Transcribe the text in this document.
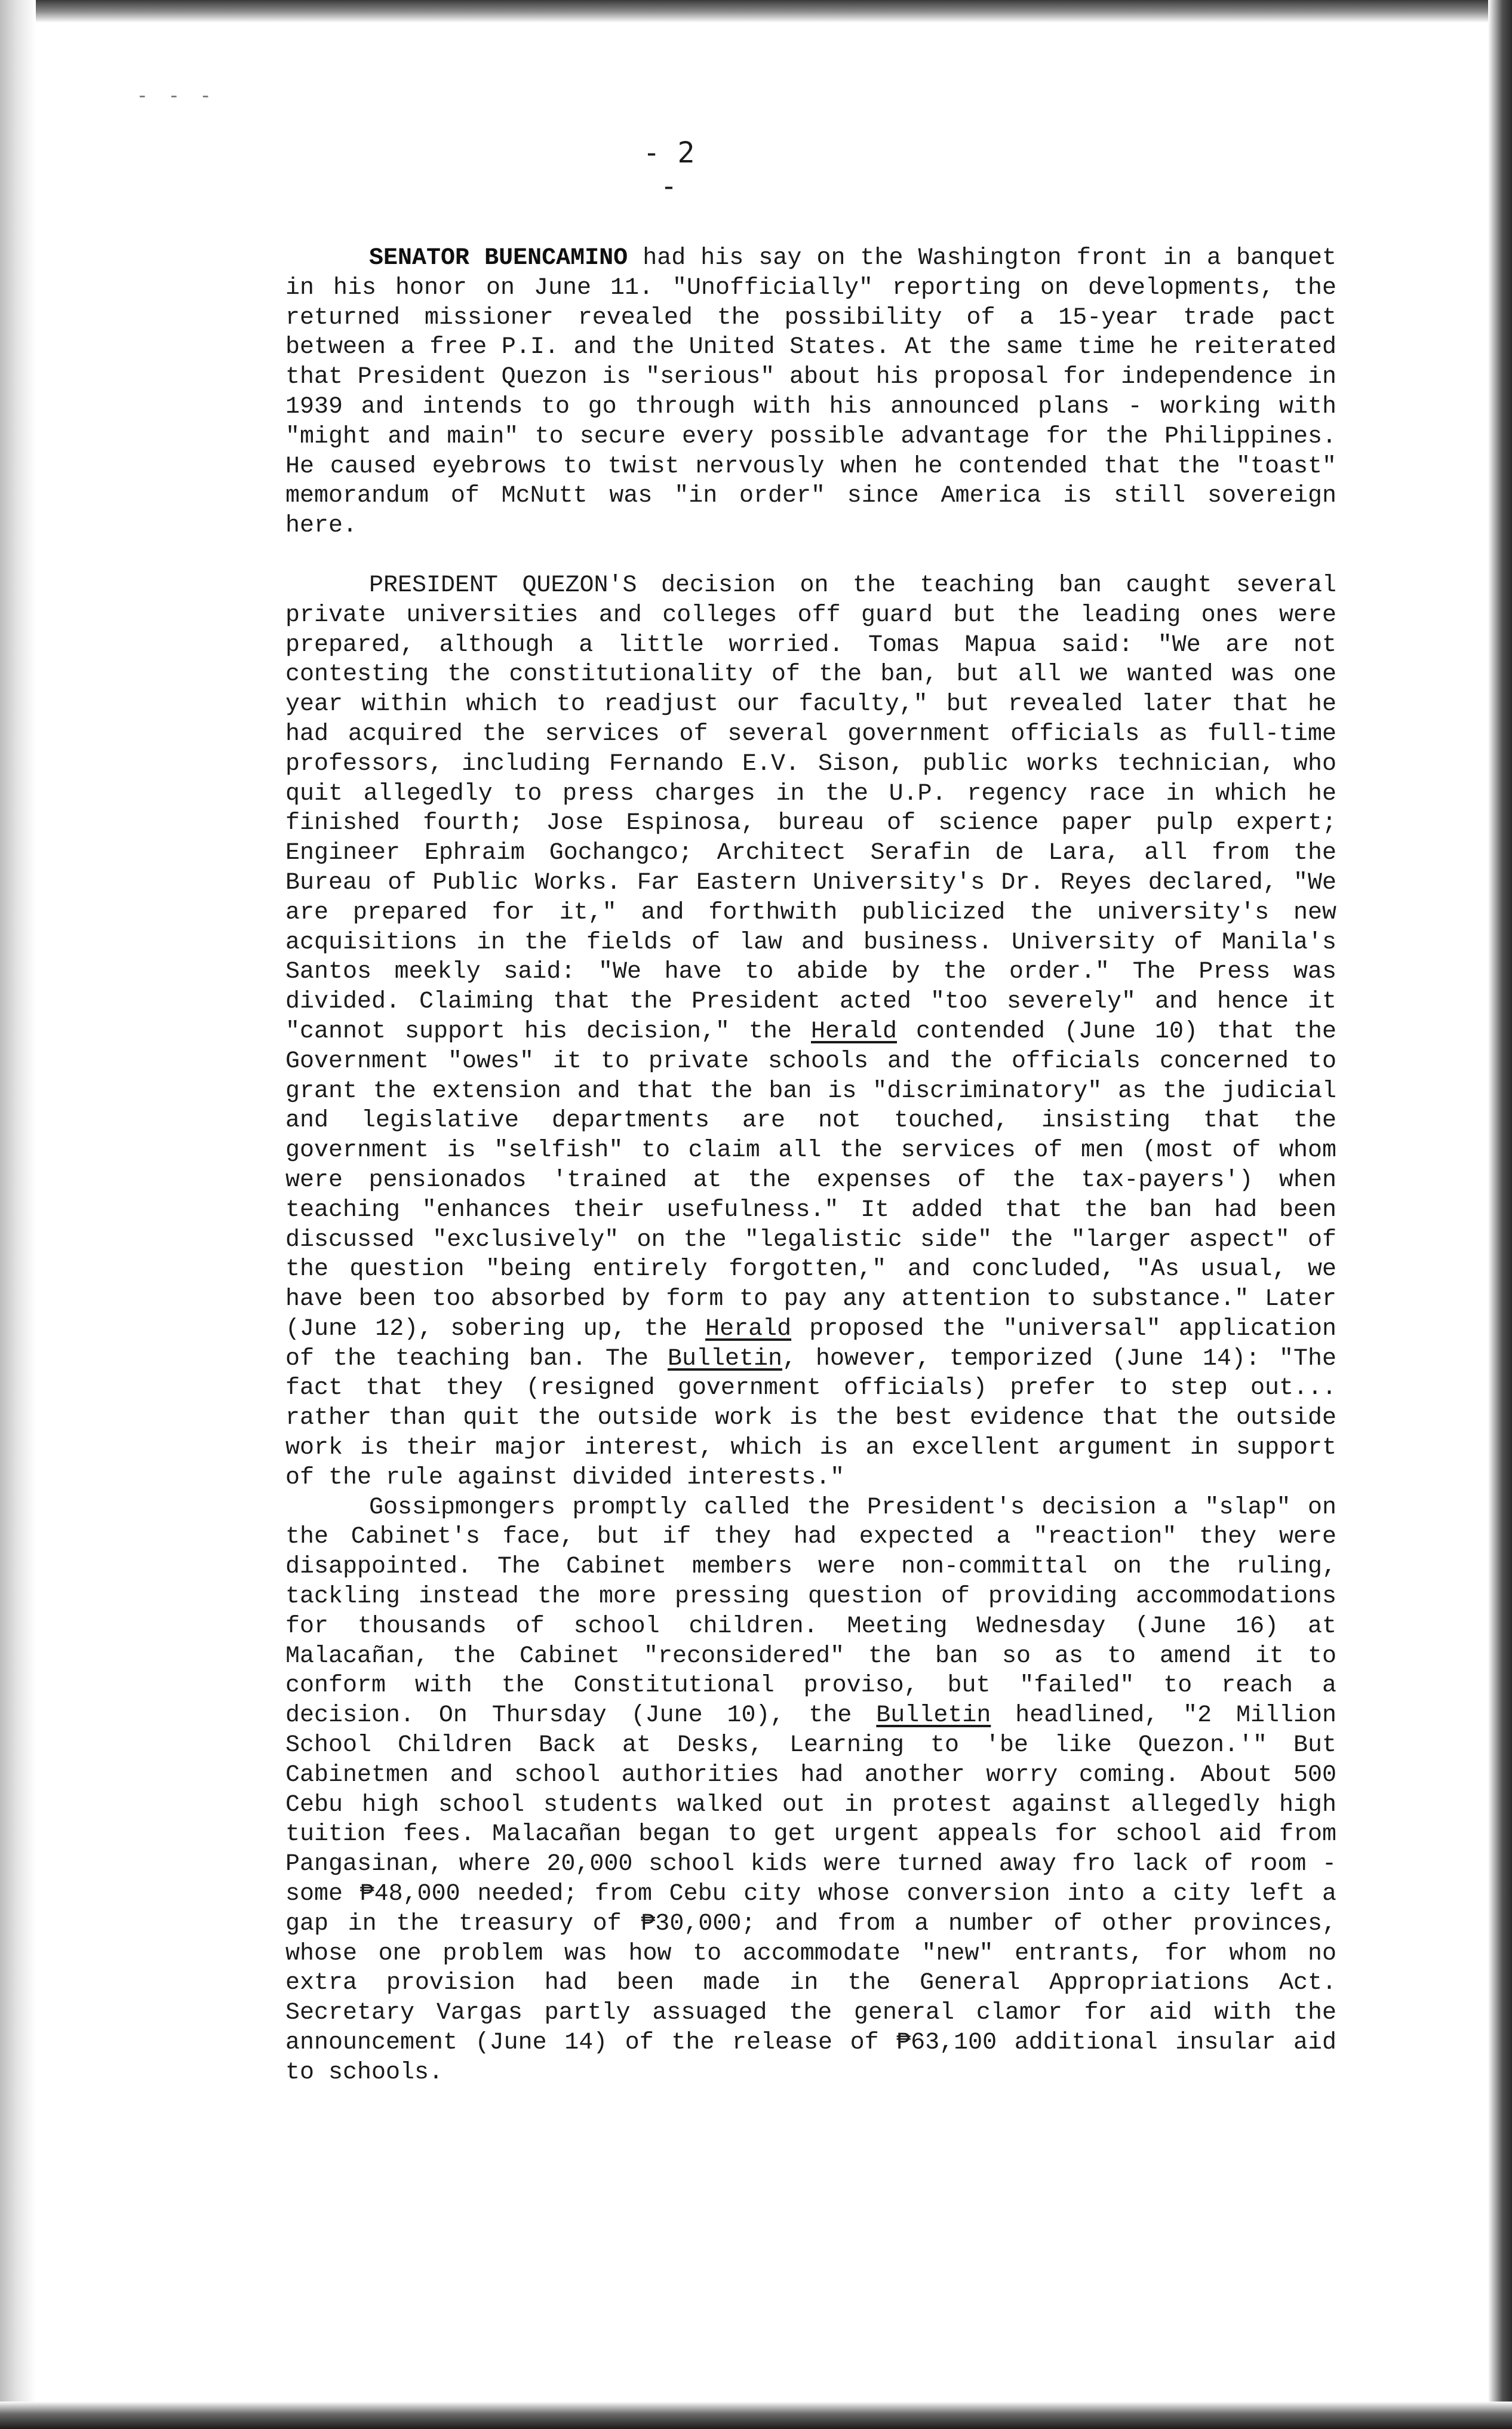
- - -
- 2 -

SENATOR BUENCAMINO had his say on the Washington front in a banquet in his honor on June 11. "Unofficially" reporting on developments, the returned missioner revealed the possibility of a 15-year trade pact between a free P.I. and the United States. At the same time he reiterated that President Quezon is "serious" about his proposal for independence in 1939 and intends to go through with his announced plans - working with "might and main" to secure every possible advantage for the Philippines. He caused eyebrows to twist nervously when he contended that the "toast" memorandum of McNutt was "in order" since America is still sovereign here.

PRESIDENT QUEZON'S decision on the teaching ban caught several private universities and colleges off guard but the leading ones were prepared, although a little worried. Tomas Mapua said: "We are not contesting the constitutionality of the ban, but all we wanted was one year within which to readjust our faculty," but revealed later that he had acquired the services of several government officials as full-time professors, including Fernando E.V. Sison, public works technician, who quit allegedly to press charges in the U.P. regency race in which he finished fourth; Jose Espinosa, bureau of science paper pulp expert; Engineer Ephraim Gochangco; Architect Serafin de Lara, all from the Bureau of Public Works. Far Eastern University's Dr. Reyes declared, "We are prepared for it," and forthwith publicized the university's new acquisitions in the fields of law and business. University of Manila's Santos meekly said: "We have to abide by the order." The Press was divided. Claiming that the President acted "too severely" and hence it "cannot support his decision," the Herald contended (June 10) that the Government "owes" it to private schools and the officials concerned to grant the extension and that the ban is "discriminatory" as the judicial and legislative departments are not touched, insisting that the government is "selfish" to claim all the services of men (most of whom were pensionados 'trained at the expenses of the tax-payers') when teaching "enhances their usefulness." It added that the ban had been discussed "exclusively" on the "legalistic side" the "larger aspect" of the question "being entirely forgotten," and concluded, "As usual, we have been too absorbed by form to pay any attention to substance." Later (June 12), sobering up, the Herald proposed the "universal" application of the teaching ban. The Bulletin, however, temporized (June 14): "The fact that they (resigned government officials) prefer to step out... rather than quit the outside work is the best evidence that the outside work is their major interest, which is an excellent argument in support of the rule against divided interests."

Gossipmongers promptly called the President's decision a "slap" on the Cabinet's face, but if they had expected a "reaction" they were disappointed. The Cabinet members were non-committal on the ruling, tackling instead the more pressing question of providing accommodations for thousands of school children. Meeting Wednesday (June 16) at Malacañan, the Cabinet "reconsidered" the ban so as to amend it to conform with the Constitutional proviso, but "failed" to reach a decision. On Thursday (June 10), the Bulletin headlined, "2 Million School Children Back at Desks, Learning to 'be like Quezon.'" But Cabinetmen and school authorities had another worry coming. About 500 Cebu high school students walked out in protest against allegedly high tuition fees. Malacañan began to get urgent appeals for school aid from Pangasinan, where 20,000 school kids were turned away fro lack of room - some ₱48,000 needed; from Cebu city whose conversion into a city left a gap in the treasury of ₱30,000; and from a number of other provinces, whose one problem was how to accommodate "new" entrants, for whom no extra provision had been made in the General Appropriations Act. Secretary Vargas partly assuaged the general clamor for aid with the announcement (June 14) of the release of ₱63,100 additional insular aid to schools.
